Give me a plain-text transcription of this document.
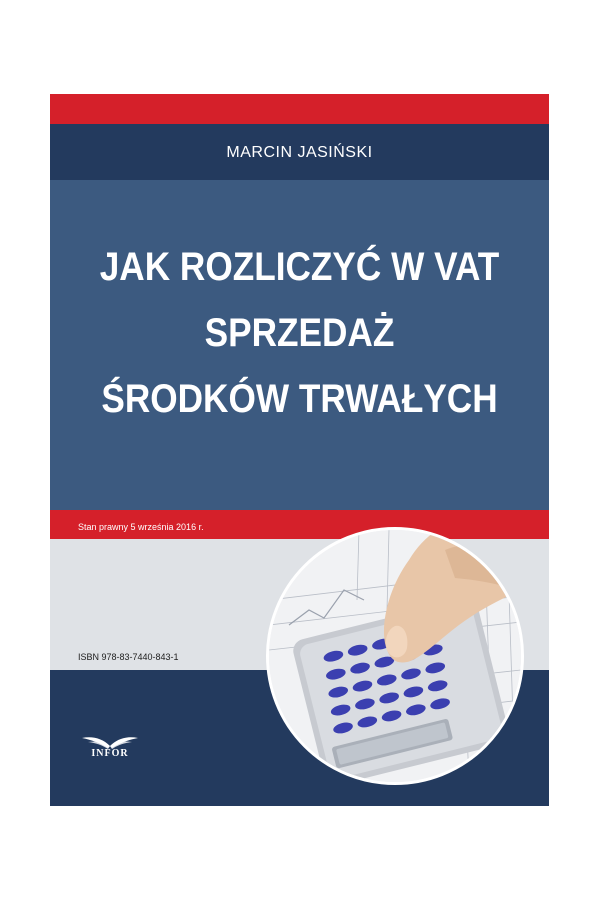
MARCIN JASIŃSKI
JAK ROZLICZYĆ W VAT
SPRZEDAŻ
ŚRODKÓW TRWAŁYCH
Stan prawny 5 września 2016 r.
ISBN 978-83-7440-843-1
INFOR
